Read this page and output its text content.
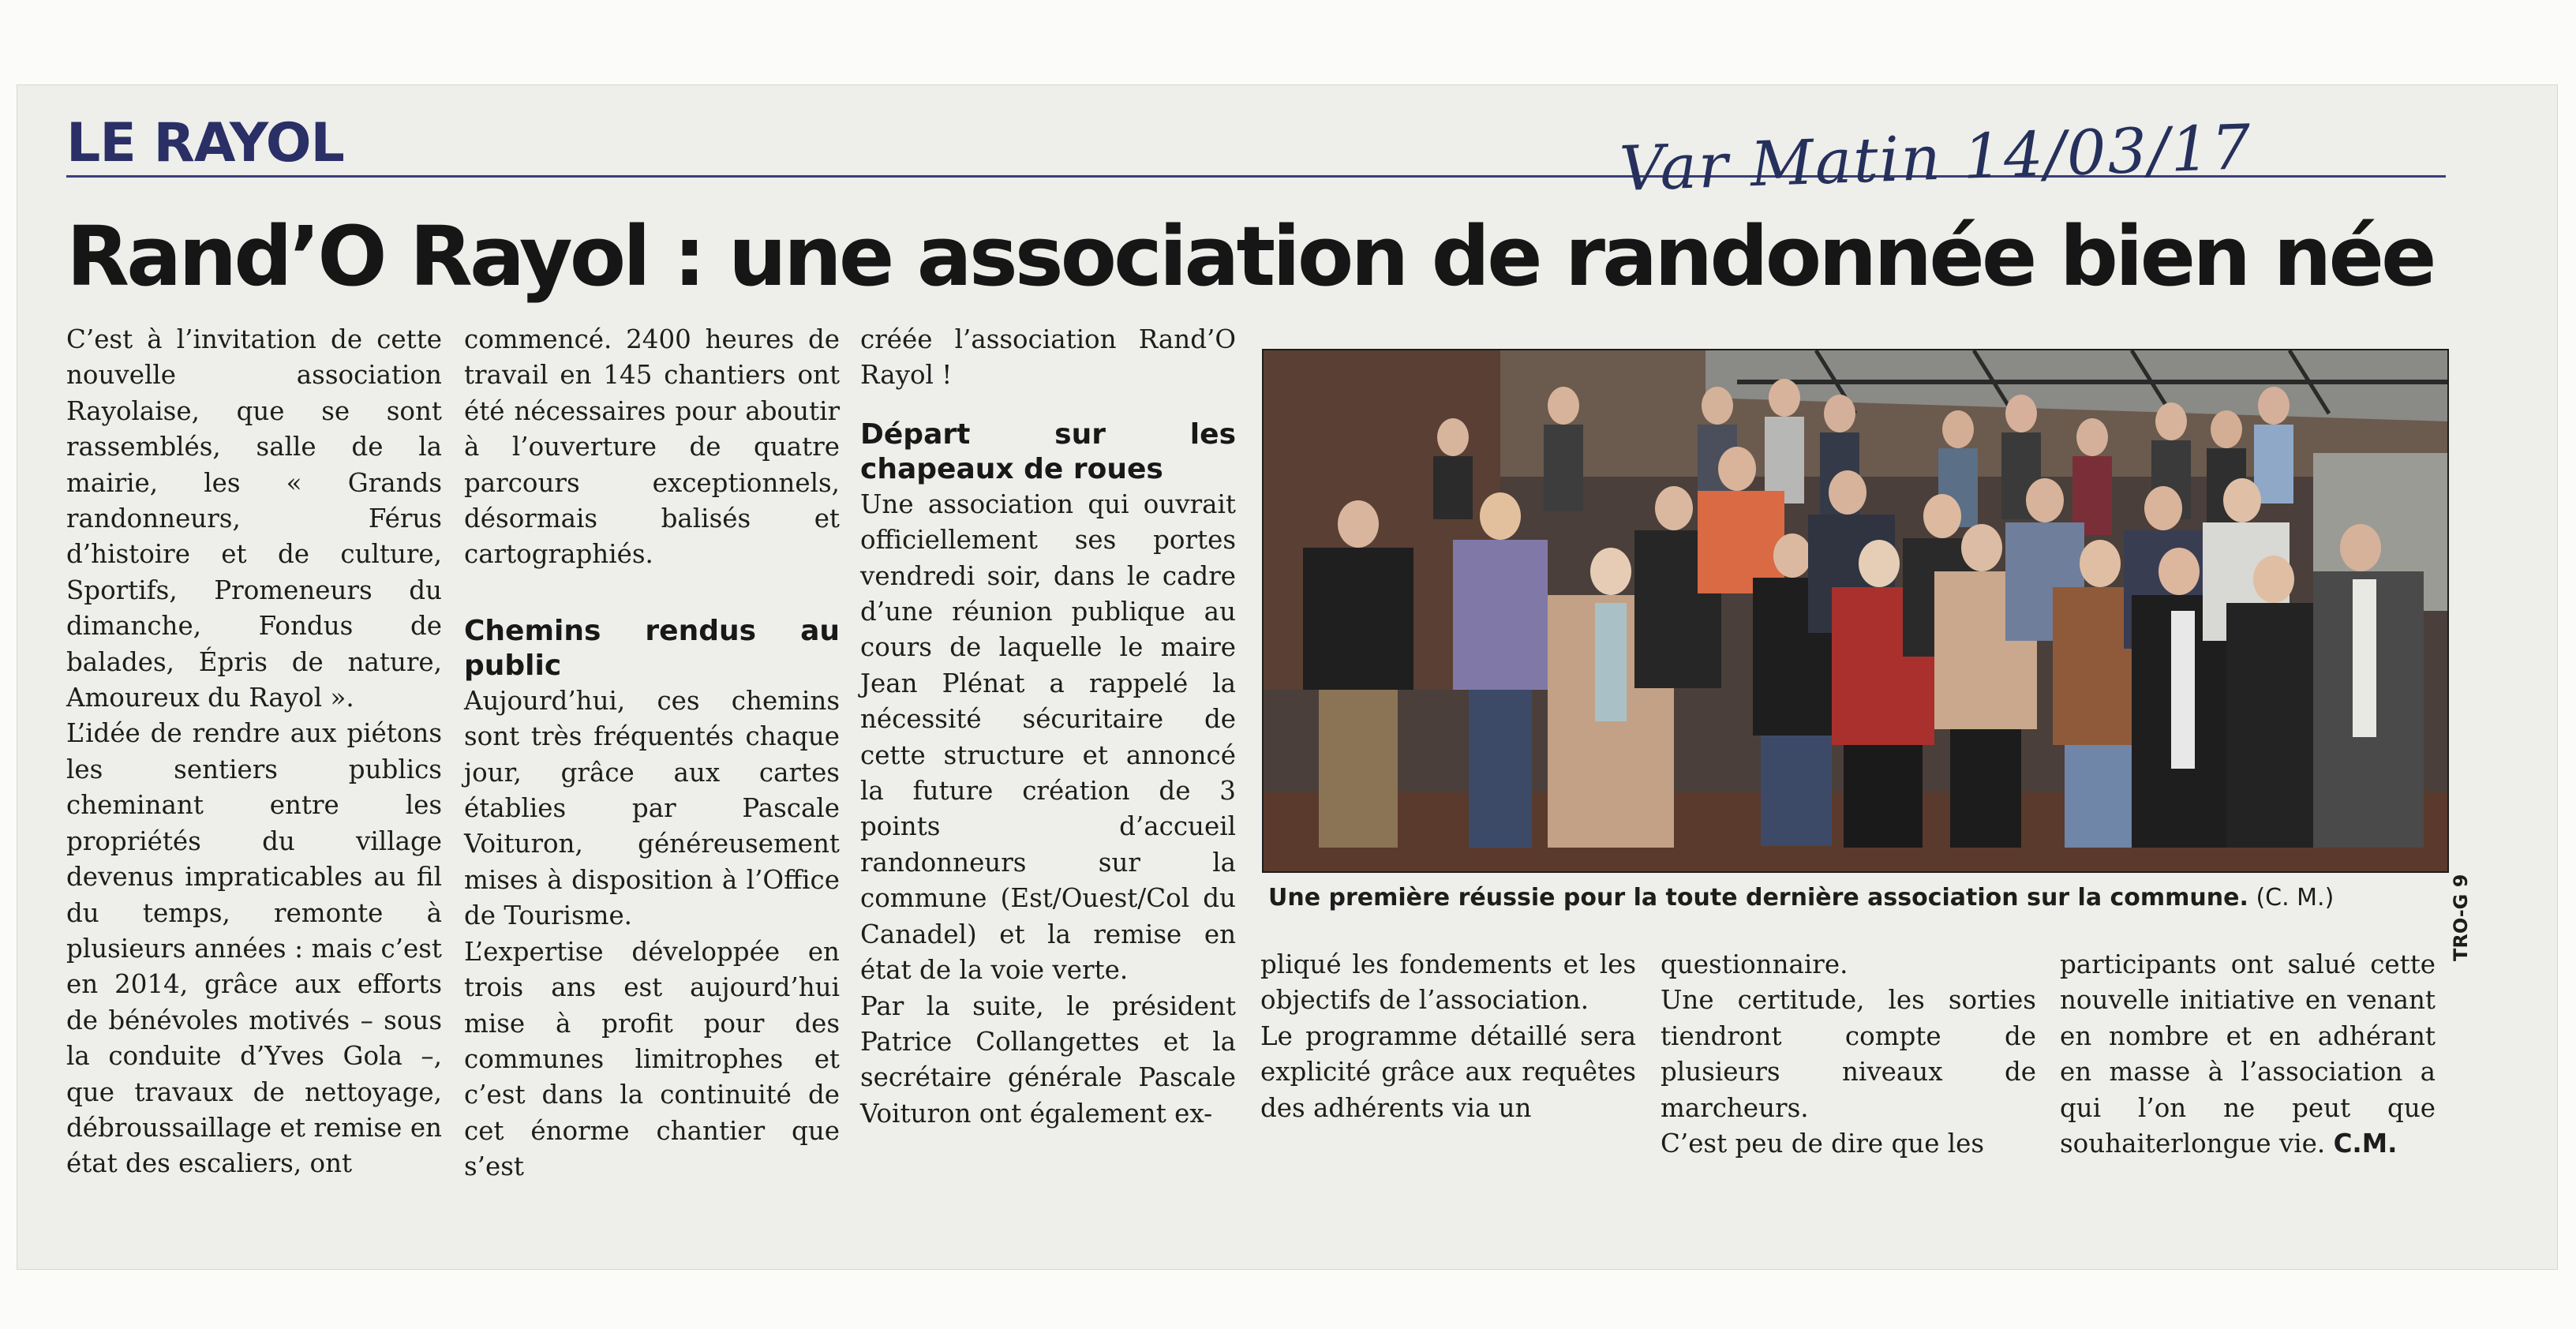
LE RAYOL	Var Matin 14/03/17
Rand’O Rayol : une association de randonnée bien née

C’est à l’invitation de cette nouvelle association Rayolaise, que se sont rassemblés, salle de la mairie, les « Grands randonneurs, Férus d’histoire et de culture, Sportifs, Promeneurs du dimanche, Fondus de balades, Épris de nature, Amoureux du Rayol ».

L’idée de rendre aux piétons les sentiers publics cheminant entre les propriétés du village devenus impraticables au fil du temps, remonte à plusieurs années : mais c’est en 2014, grâce aux efforts de bénévoles motivés – sous la conduite d’Yves Gola –, que travaux de nettoyage, débroussaillage et remise en état des escaliers, ont

commencé. 2400 heures de travail en 145 chantiers ont été nécessaires pour aboutir à l’ouverture de quatre parcours exceptionnels, désormais balisés et cartographiés.

Chemins rendus au public

Aujourd’hui, ces chemins sont très fréquentés chaque jour, grâce aux cartes établies par Pascale Voituron, généreusement mises à disposition à l’Office de Tourisme.

L’expertise développée en trois ans est aujourd’hui mise à profit pour des communes limitrophes et c’est dans la continuité de cet énorme chantier que s’est

créée l’association Rand’O Rayol !

Départ sur les chapeaux de roues

Une association qui ouvrait officiellement ses portes vendredi soir, dans le cadre d’une réunion publique au cours de laquelle le maire Jean Plénat a rappelé la nécessité sécuritaire de cette structure et annoncé la future création de 3 points d’accueil randonneurs sur la commune (Est/Ouest/Col du Canadel) et la remise en état de la voie verte.

Par la suite, le président Patrice Collangettes et la secrétaire générale Pascale Voituron ont également ex-

Une première réussie pour la toute dernière association sur la commune. (C. M.)

pliqué les fondements et les objectifs de l’association.

Le programme détaillé sera explicité grâce aux requêtes des adhérents via un

questionnaire.

Une certitude, les sorties tiendront compte de plusieurs niveaux de marcheurs.

C’est peu de dire que les

participants ont salué cette nouvelle initiative en venant en nombre et en adhérant en masse à l’association a qui l’on ne peut que souhaiterlongue vie. C.M.

TRO-G 9
